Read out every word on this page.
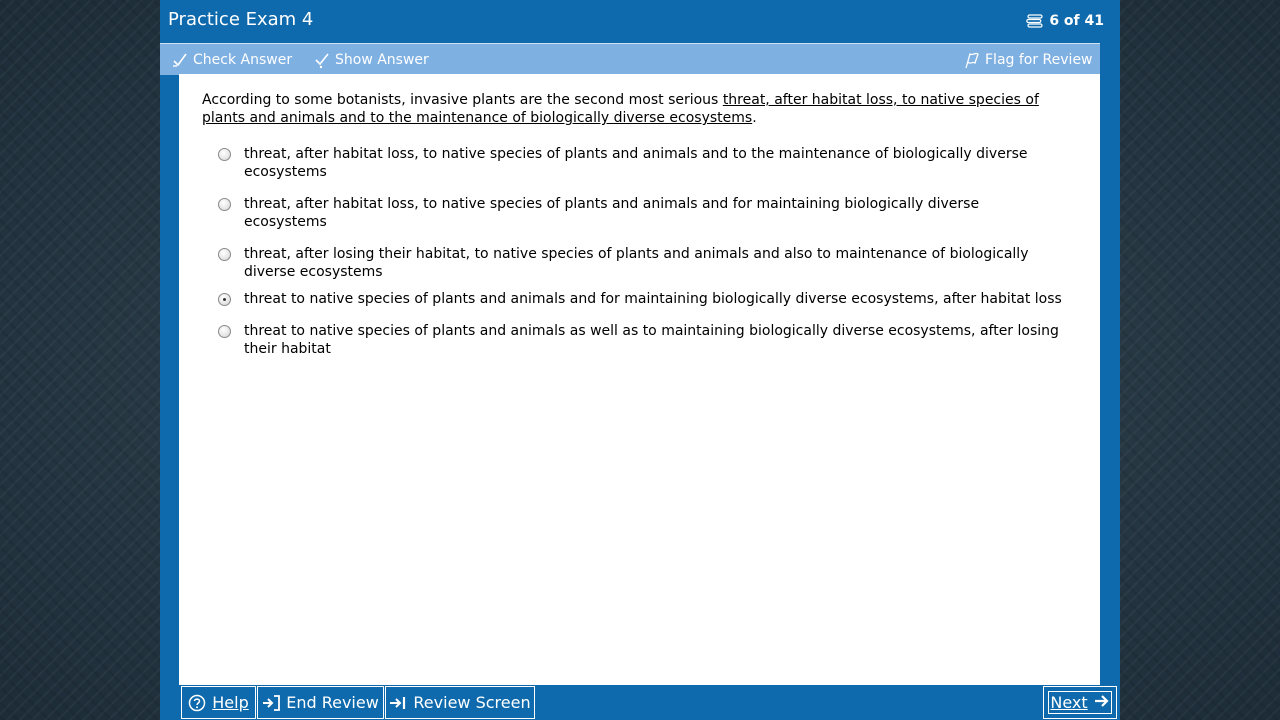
Practice Exam 4	6 of 41
Check Answer	Show Answer	Flag for Review
According to some botanists, invasive plants are the second most serious threat, after habitat loss, to native species of plants and animals and to the maintenance of biologically diverse ecosystems.
threat, after habitat loss, to native species of plants and animals and to the maintenance of biologically diverse ecosystems
threat, after habitat loss, to native species of plants and animals and for maintaining biologically diverse ecosystems
threat, after losing their habitat, to native species of plants and animals and also to maintenance of biologically diverse ecosystems
threat to native species of plants and animals and for maintaining biologically diverse ecosystems, after habitat loss
threat to native species of plants and animals as well as to maintaining biologically diverse ecosystems, after losing their habitat
Help End Review Review Screen	Next
